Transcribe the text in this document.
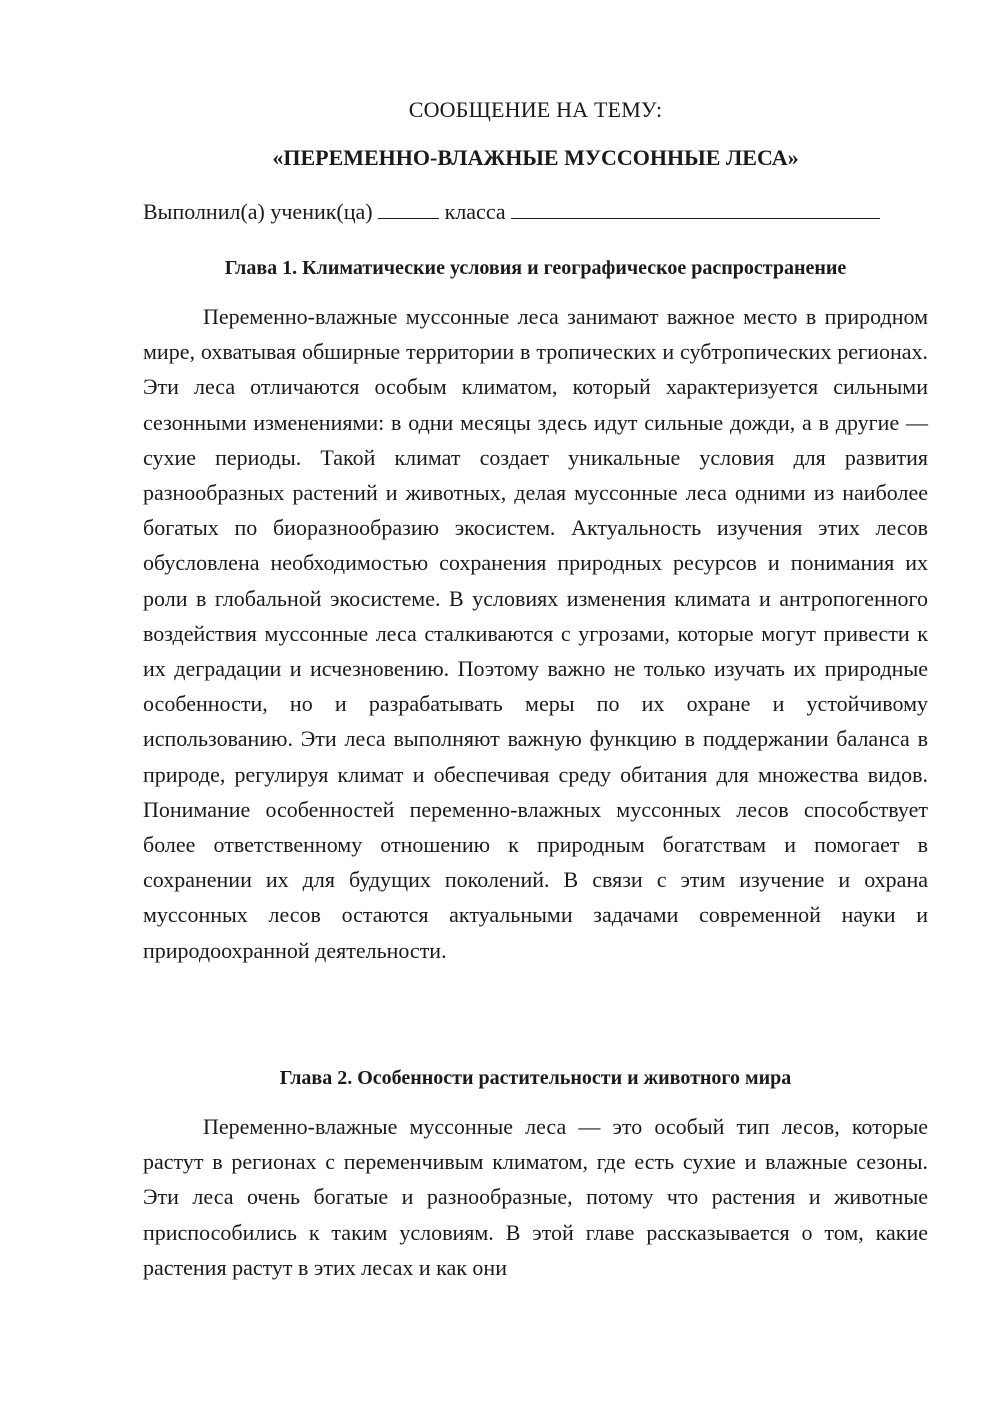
СООБЩЕНИЕ НА ТЕМУ:
«ПЕРЕМЕННО-ВЛАЖНЫЕ МУССОННЫЕ ЛЕСА»
Выполнил(а) ученик(ца)	класса
Глава 1. Климатические условия и географическое распространение

Переменно-влажные муссонные леса занимают важное место в природном мире, охватывая обширные территории в тропических и субтропических регионах. Эти леса отличаются особым климатом, который характеризуется сильными сезонными изменениями: в одни месяцы здесь идут сильные дожди, а в другие — сухие периоды. Такой климат создает уникальные условия для развития разнообразных растений и животных, делая муссонные леса одними из наиболее богатых по биоразнообразию экосистем. Актуальность изучения этих лесов обусловлена необходимостью сохранения природных ресурсов и понимания их роли в глобальной экосистеме. В условиях изменения климата и антропогенного воздействия муссонные леса сталкиваются с угрозами, которые могут привести к их деградации и исчезновению. Поэтому важно не только изучать их природные особенности, но и разрабатывать меры по их охране и устойчивому использованию. Эти леса выполняют важную функцию в поддержании баланса в природе, регулируя климат и обеспечивая среду обитания для множества видов. Понимание особенностей переменно-влажных муссонных лесов способствует более ответственному отношению к природным богатствам и помогает в сохранении их для будущих поколений. В связи с этим изучение и охрана муссонных лесов остаются актуальными задачами современной науки и природоохранной деятельности.

Глава 2. Особенности растительности и животного мира

Переменно-влажные муссонные леса — это особый тип лесов, которые растут в регионах с переменчивым климатом, где есть сухие и влажные сезоны. Эти леса очень богатые и разнообразные, потому что растения и животные приспособились к таким условиям. В этой главе рассказывается о том, какие растения растут в этих лесах и как они
